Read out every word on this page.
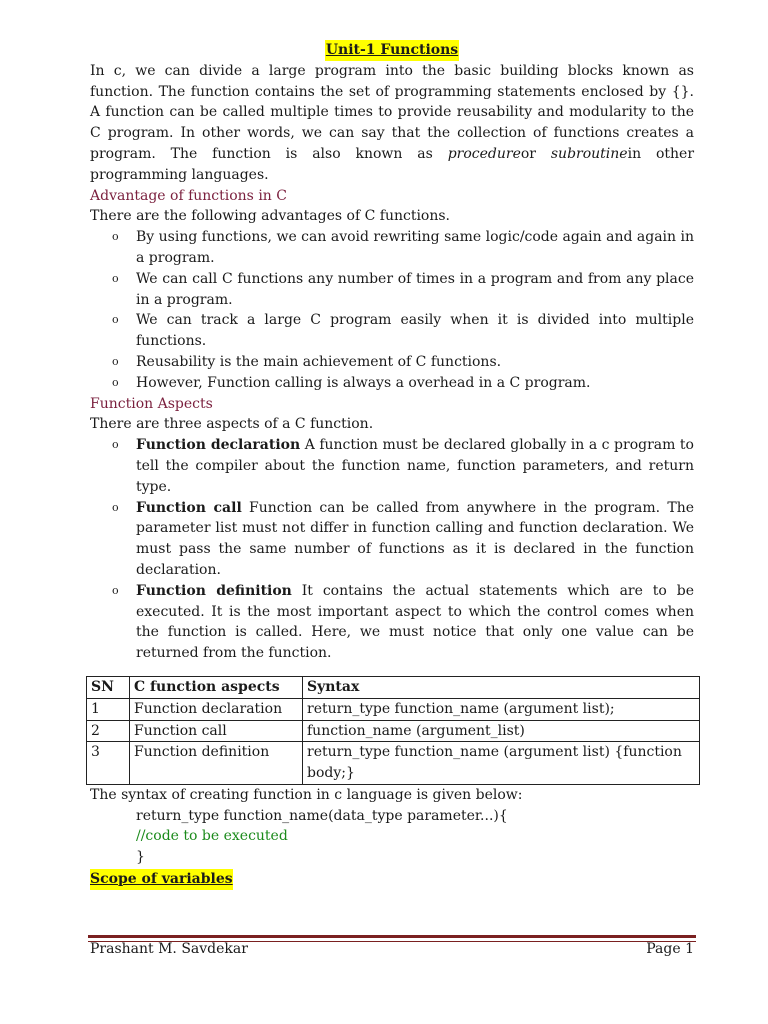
Unit-1 Functions

In c, we can divide a large program into the basic building blocks known as function. The function contains the set of programming statements enclosed by {}. A function can be called multiple times to provide reusability and modularity to the C program. In other words, we can say that the collection of functions creates a program. The function is also known as procedureor subroutinein other programming languages.

Advantage of functions in C

There are the following advantages of C functions.

o By using functions, we can avoid rewriting same logic/code again and again in a program.
o We can call C functions any number of times in a program and from any place in a program.
o We can track a large C program easily when it is divided into multiple functions.
o Reusability is the main achievement of C functions.
o However, Function calling is always a overhead in a C program.

Function Aspects

There are three aspects of a C function.

o Function declaration A function must be declared globally in a c program to tell the compiler about the function name, function parameters, and return type.
o Function call Function can be called from anywhere in the program. The parameter list must not differ in function calling and function declaration. We must pass the same number of functions as it is declared in the function declaration.
o Function definition It contains the actual statements which are to be executed. It is the most important aspect to which the control comes when the function is called. Here, we must notice that only one value can be returned from the function.
SN	C function aspects	Syntax
1	Function declaration	return_type function_name (argument list);
2	Function call	function_name (argument_list)
3	Function definition	return_type function_name (argument list) {function body;}

The syntax of creating function in c language is given below:

return_type function_name(data_type parameter...){

//code to be executed

}

Scope of variables
Prashant M. Savdekar	Page 1
